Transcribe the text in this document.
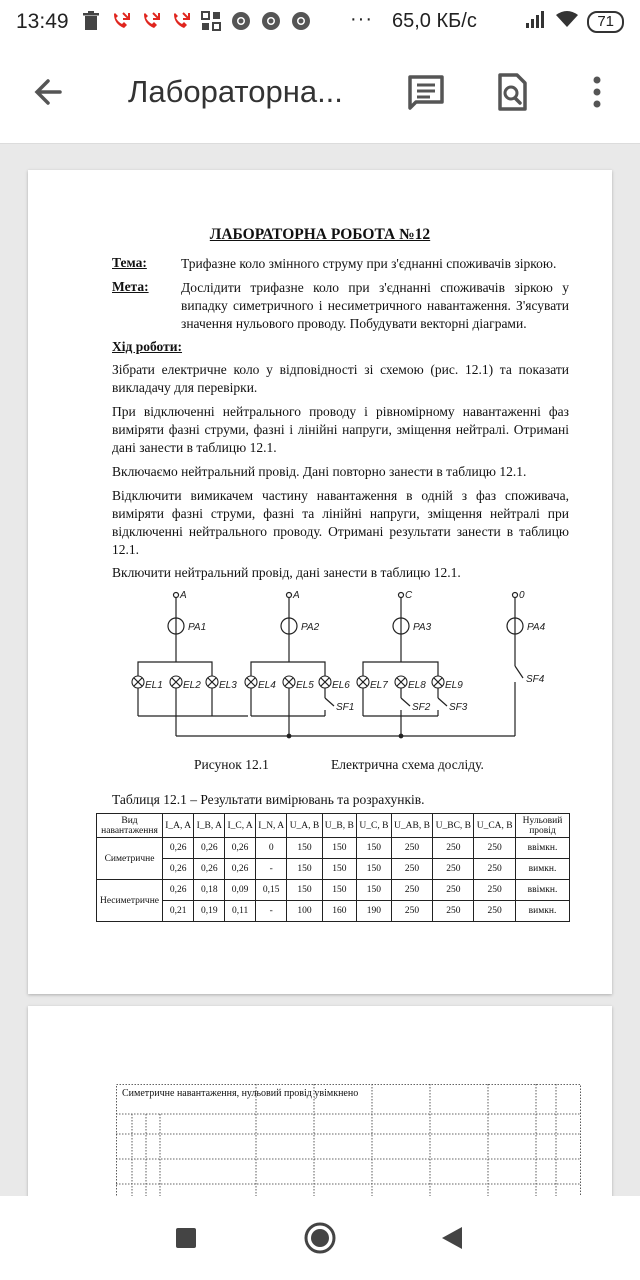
13:49	··· 65,0 КБ/с	71
Лабораторна...
ЛАБОРАТОРНА РОБОТА №12
Тема:	Трифазне коло змінного струму при з'єднанні споживачів зіркою.
Мета: Дослідити трифазне коло при з'єднанні споживачів зіркою у випадку симетричного і несиметричного навантаження. З'ясувати значення нульового проводу. Побудувати векторні діаграми.
Хід роботи:
Зібрати електричне коло у відповідності зі схемою (рис. 12.1) та показати викладачу для перевірки.
При відключенні нейтрального проводу і рівномірному навантаженні фаз виміряти фазні струми, фазні і лінійні напруги, зміщення нейтралі. Отримані дані занести в таблицю 12.1.
Включаємо нейтральний провід. Дані повторно занести в таблицю 12.1.
Відключити вимикачем частину навантаження в одній з фаз споживача, виміряти фазні струми, фазні та лінійні напруги, зміщення нейтралі при відключенні нейтрального проводу. Отримані результати занести в таблицю 12.1.
Включити нейтральний провід, дані занести в таблицю 12.1.
A	A	C	0
PA1	PA2	PA3	PA4
EL1 EL2 EL3 EL4 EL5 EL6 EL7 EL8 EL9
SF1	SF2 SF3
SF4
Рисунок 12.1	Електрична схема досліду.
Таблиця 12.1 – Результати вимірювань та розрахунків.
Вид навантаження	I_A, A	I_B, A	I_C, A	I_N, A	U_A, B	U_B, B	U_C, B	U_AB, B	U_BC, B	U_CA, B	Нульовий провід
Симетричне	0,26	0,26	0,26	0	150	150	150	250	250	250	ввімкн.
	0,26	0,26	0,26	-	150	150	150	250	250	250	вимкн.
Несиметричне	0,26	0,18	0,09	0,15	150	150	150	250	250	250	ввімкн.
	0,21	0,19	0,11	-	100	160	190	250	250	250	вимкн.
Симетричне навантаження, нульовий провід увімкнено
